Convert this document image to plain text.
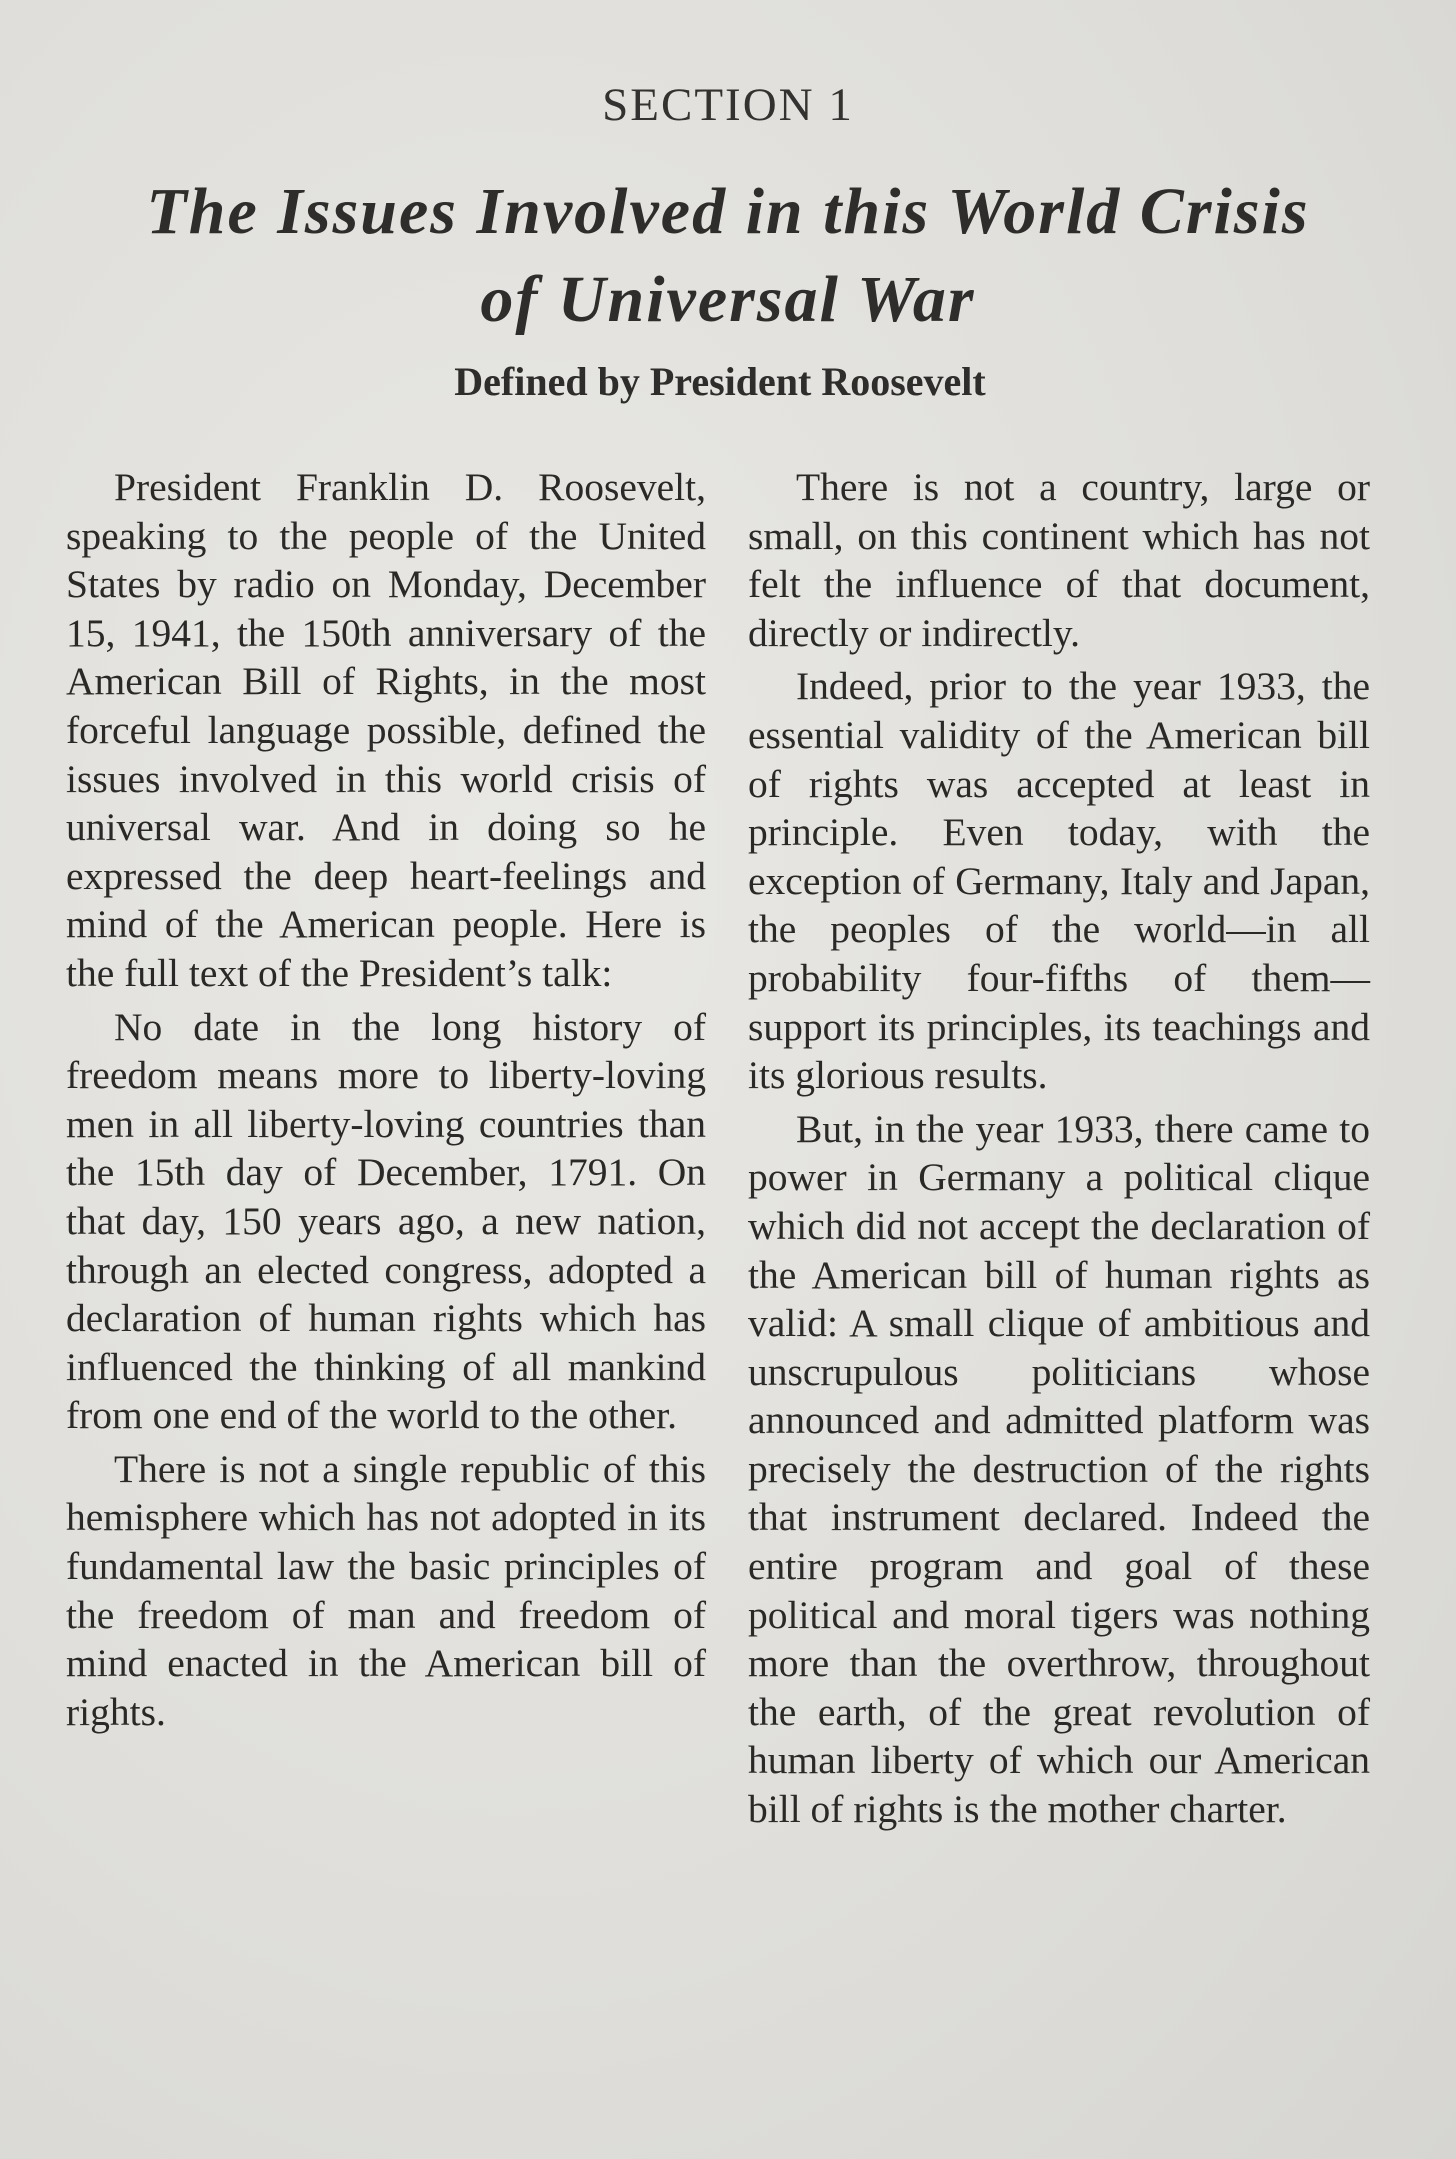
SECTION 1
The Issues Involved in this World Crisis
of Universal War
Defined by President Roosevelt

President Franklin D. Roosevelt, speaking to the people of the United States by radio on Monday, December 15, 1941, the 150th anniversary of the American Bill of Rights, in the most forceful language possible, defined the issues involved in this world crisis of universal war. And in doing so he expressed the deep heart-feelings and mind of the American people. Here is the full text of the President’s talk:

No date in the long history of freedom means more to liberty-loving men in all liberty-loving countries than the 15th day of December, 1791. On that day, 150 years ago, a new nation, through an elected congress, adopted a declaration of human rights which has influenced the thinking of all mankind from one end of the world to the other.

There is not a single republic of this hemisphere which has not adopted in its fundamental law the basic principles of the freedom of man and freedom of mind enacted in the American bill of rights.

There is not a country, large or small, on this continent which has not felt the influence of that document, directly or indirectly.

Indeed, prior to the year 1933, the essential validity of the American bill of rights was accepted at least in principle. Even today, with the exception of Germany, Italy and Japan, the peoples of the world—in all probability four-fifths of them—support its principles, its teachings and its glorious results.

But, in the year 1933, there came to power in Germany a political clique which did not accept the declaration of the American bill of human rights as valid: A small clique of ambitious and unscrupulous politicians whose announced and admitted platform was precisely the destruction of the rights that instrument declared. Indeed the entire program and goal of these political and moral tigers was nothing more than the overthrow, throughout the earth, of the great revolution of human liberty of which our American bill of rights is the mother charter.
